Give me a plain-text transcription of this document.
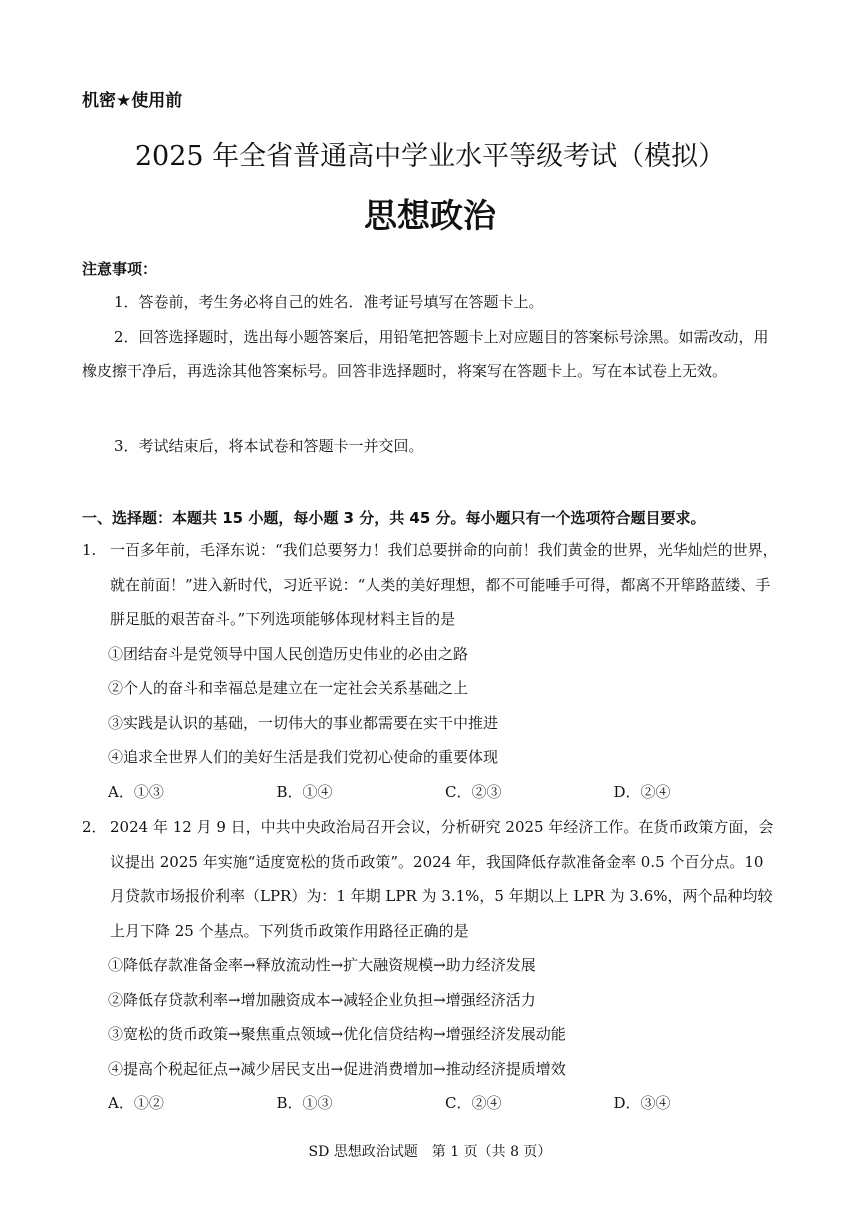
机密★使用前
2025 年全省普通高中学业水平等级考试（模拟）
思想政治
注意事项：
1．答卷前，考生务必将自己的姓名．准考证号填写在答题卡上。
2．回答选择题时，选出每小题答案后，用铅笔把答题卡上对应题目的答案标号涂黑。如需改动，用橡皮擦干净后，再选涂其他答案标号。回答非选择题时，将案写在答题卡上。写在本试卷上无效。
3．考试结束后，将本试卷和答题卡一并交回。
一、选择题：本题共 15 小题，每小题 3 分，共 45 分。每小题只有一个选项符合题目要求。
1. 一百多年前，毛泽东说：“我们总要努力！我们总要拼命的向前！我们黄金的世界，光华灿烂的世界，就在前面！”进入新时代，习近平说：“人类的美好理想，都不可能唾手可得，都离不开筚路蓝缕、手胼足胝的艰苦奋斗。”下列选项能够体现材料主旨的是
①团结奋斗是党领导中国人民创造历史伟业的必由之路
②个人的奋斗和幸福总是建立在一定社会关系基础之上
③实践是认识的基础，一切伟大的事业都需要在实干中推进
④追求全世界人们的美好生活是我们党初心使命的重要体现
A．①③	B．①④	C．②③	D．②④
2． 2024 年 12 月 9 日，中共中央政治局召开会议，分析研究 2025 年经济工作。在货币政策方面，会议提出 2025 年实施“适度宽松的货币政策”。2024 年，我国降低存款准备金率 0.5 个百分点。10 月贷款市场报价利率（LPR）为：1 年期 LPR 为 3.1%，5 年期以上 LPR 为 3.6%，两个品种均较上月下降 25 个基点。下列货币政策作用路径正确的是
①降低存款准备金率→释放流动性→扩大融资规模→助力经济发展
②降低存贷款利率→增加融资成本→减轻企业负担→增强经济活力
③宽松的货币政策→聚焦重点领域→优化信贷结构→增强经济发展动能
④提高个税起征点→减少居民支出→促进消费增加→推动经济提质增效
A．①②	B．①③	C．②④	D．③④
SD 思想政治试题　第 1 页（共 8 页）
